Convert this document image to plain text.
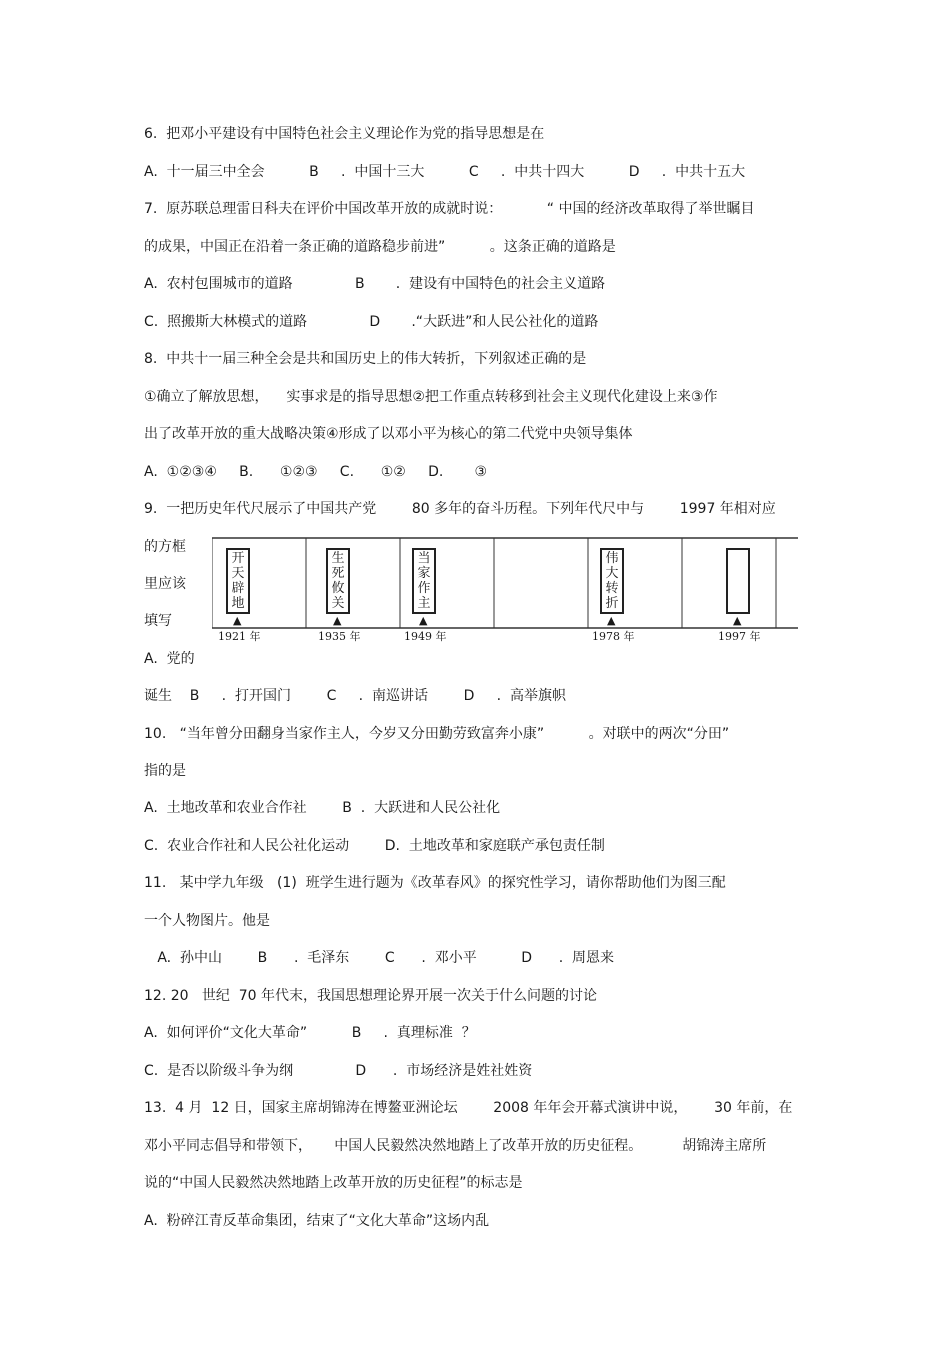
6.  把邓小平建设有中国特色社会主义理论作为党的指导思想是在
A.  十一届三中全会          B     .  中国十三大          C     .  中共十四大          D     .  中共十五大
7.  原苏联总理雷日科夫在评价中国改革开放的成就时说：          “ 中国的经济改革取得了举世瞩目
的成果，中国正在沿着一条正确的道路稳步前进”          。这条正确的道路是
A.  农村包围城市的道路              B       .  建设有中国特色的社会主义道路
C.  照搬斯大林模式的道路              D       .“大跃进”和人民公社化的道路
8.  中共十一届三种全会是共和国历史上的伟大转折，下列叙述正确的是
①确立了解放思想，    实事求是的指导思想②把工作重点转移到社会主义现代化建设上来③作
出了改革开放的重大战略决策④形成了以邓小平为核心的第二代党中央领导集体
A.  ①②③④     B.      ①②③     C.      ①②     D.       ③
9.  一把历史年代尺展示了中国共产党        80 多年的奋斗历程。下列年代尺中与        1997 年相对应
的方框
里应该
填写
A.  党的
诞生    B     .  打开国门        C     .  南巡讲话        D     .  高举旗帜
10.   “当年曾分田翻身当家作主人，今岁又分田勤劳致富奔小康”          。对联中的两次“分田”
指的是
A.  土地改革和农业合作社        B  .  大跃进和人民公社化
C.  农业合作社和人民公社化运动        D.  土地改革和家庭联产承包责任制
11.   某中学九年级   (1)  班学生进行题为《改革春风》的探究性学习，请你帮助他们为图三配
一个人物图片。他是
A.  孙中山        B      .  毛泽东        C      .  邓小平          D      .  周恩来
12. 20   世纪  70 年代末，我国思想理论界开展一次关于什么问题的讨论
A.  如何评价“文化大革命”          B     .  真理标准  ？
C.  是否以阶级斗争为纲              D      .  市场经济是姓社姓资
13.  4 月  12 日，国家主席胡锦涛在博鳌亚洲论坛        2008 年年会开幕式演讲中说，      30 年前，在
邓小平同志倡导和带领下，     中国人民毅然决然地踏上了改革开放的历史征程。         胡锦涛主席所
说的“中国人民毅然决然地踏上改革开放的历史征程”的标志是
A.  粉碎江青反革命集团，结束了“文化大革命”这场内乱
开
天
辟
地
▲
1921 年
生
死
攸
关
▲
1935 年
当
家
作
主
▲
1949 年
伟
大
转
折
▲
1978 年
▲
1997 年
